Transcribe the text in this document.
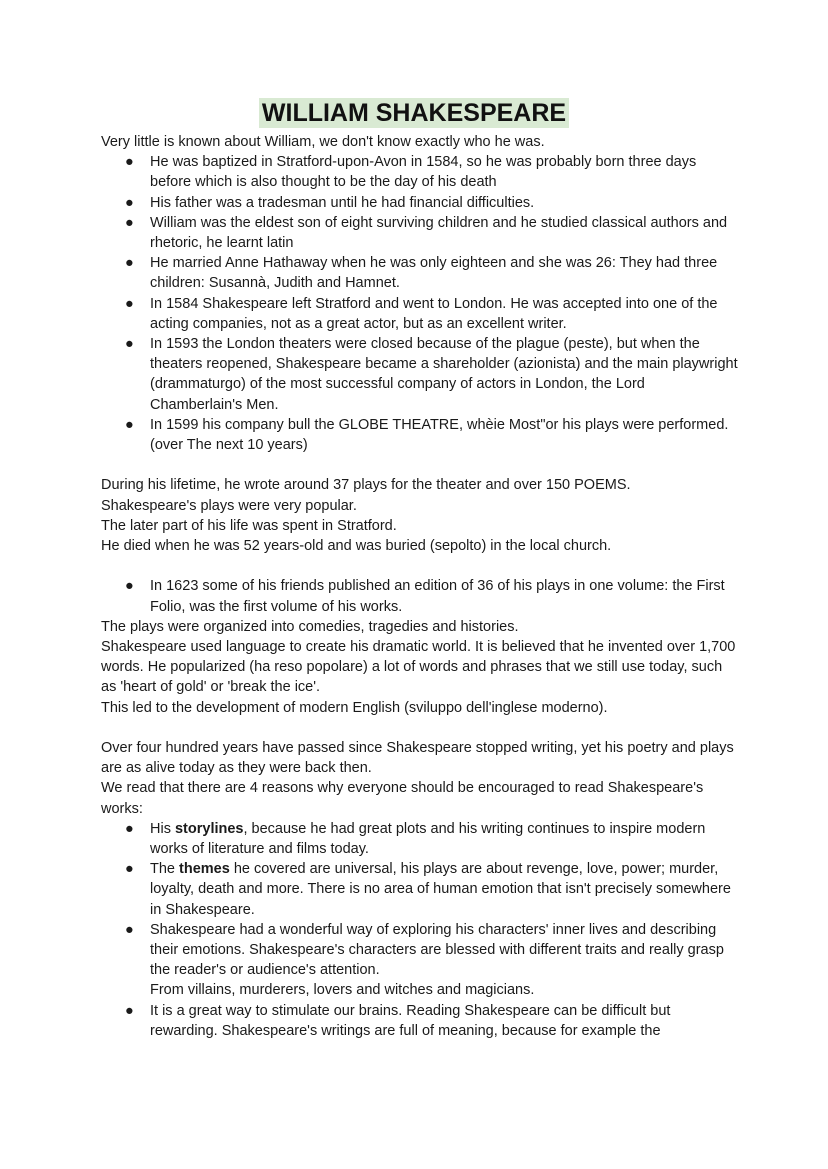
WILLIAM SHAKESPEARE

Very little is known about William, we don't know exactly who he was.

● He was baptized in Stratford-upon-Avon in 1584, so he was probably born three days before which is also thought to be the day of his death
● His father was a tradesman until he had financial difficulties.
● William was the eldest son of eight surviving children and he studied classical authors and rhetoric, he learnt latin
● He married Anne Hathaway when he was only eighteen and she was 26: They had three children: Susannà, Judith and Hamnet.
● In 1584 Shakespeare left Stratford and went to London. He was accepted into one of the acting companies, not as a great actor, but as an excellent writer.
● In 1593 the London theaters were closed because of the plague (peste), but when the theaters reopened, Shakespeare became a shareholder (azionista) and the main playwright (drammaturgo) of the most successful company of actors in London, the Lord Chamberlain's Men.
● In 1599 his company bull the GLOBE THEATRE, whèie Most"or his plays were performed. (over The next 10 years)

During his lifetime, he wrote around 37 plays for the theater and over 150 POEMS.

Shakespeare's plays were very popular.

The later part of his life was spent in Stratford.

He died when he was 52 years-old and was buried (sepolto) in the local church.

● In 1623 some of his friends published an edition of 36 of his plays in one volume: the First Folio, was the first volume of his works.

The plays were organized into comedies, tragedies and histories.

Shakespeare used language to create his dramatic world. It is believed that he invented over 1,700 words. He popularized (ha reso popolare) a lot of words and phrases that we still use today, such as 'heart of gold' or 'break the ice'.

This led to the development of modern English (sviluppo dell'inglese moderno).

Over four hundred years have passed since Shakespeare stopped writing, yet his poetry and plays are as alive today as they were back then.

We read that there are 4 reasons why everyone should be encouraged to read Shakespeare's works:

● His storylines, because he had great plots and his writing continues to inspire modern works of literature and films today.
● The themes he covered are universal, his plays are about revenge, love, power; murder, loyalty, death and more. There is no area of human emotion that isn't precisely somewhere in Shakespeare.
● Shakespeare had a wonderful way of exploring his characters' inner lives and describing their emotions. Shakespeare's characters are blessed with different traits and really grasp the reader's or audience's attention.
From villains, murderers, lovers and witches and magicians.
● It is a great way to stimulate our brains. Reading Shakespeare can be difficult but rewarding. Shakespeare's writings are full of meaning, because for example the
